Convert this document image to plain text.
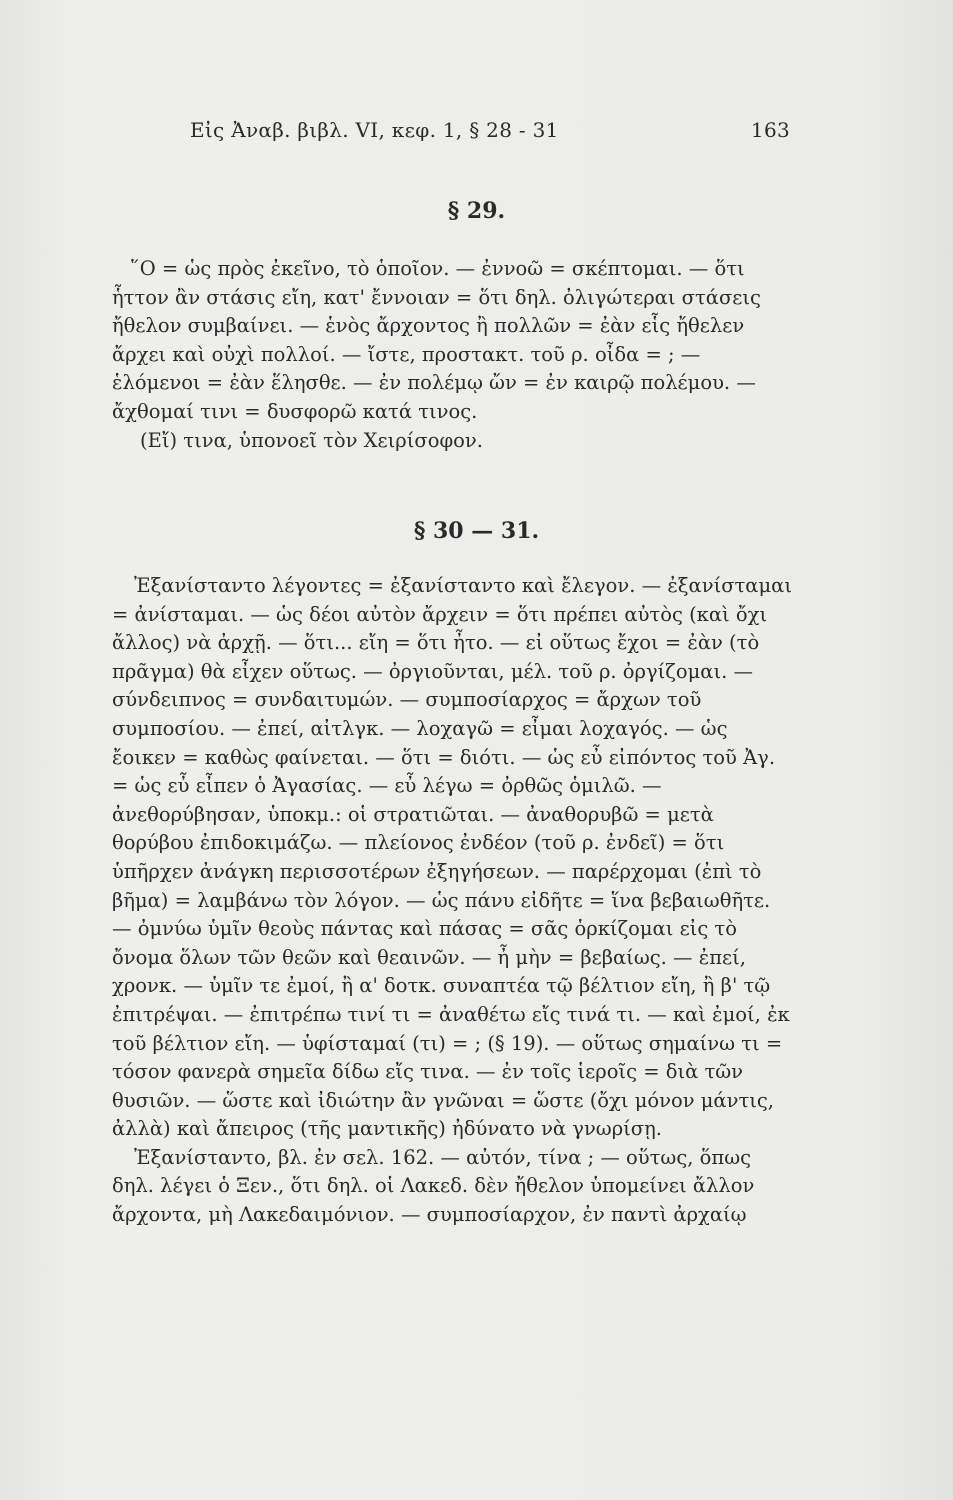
Εἰς Ἀναβ. βιβλ. VI, κεφ. 1, § 28 - 31	163
§ 29.

῞Ο = ὡς πρὸς ἐκεῖνο, τὸ ὁποῖον. — ἐννοῶ = σκέπτομαι. — ὅτι ἧττον ἂν στάσις εἴη, κατ' ἔννοιαν = ὅτι δηλ. ὀλιγώτεραι στάσεις ἤθελον συμβαίνει. — ἑνὸς ἄρχοντος ἢ πολλῶν = ἐὰν εἷς ἤθελεν ἄρχει καὶ οὐχὶ πολλοί. — ἴστε, προστακτ. τοῦ ρ. οἶδα = ; — ἑλόμενοι = ἐὰν ἕλησθε. — ἐν πολέμῳ ὤν = ἐν καιρῷ πολέμου. — ἄχθομαί τινι = δυσφορῶ κατά τινος.

(Εἴ) τινα, ὑπονοεῖ τὸν Χειρίσοφον.

§ 30 — 31.

Ἐξανίσταντο λέγοντες = ἐξανίσταντο καὶ ἔλεγον. — ἐξανίσταμαι = ἀνίσταμαι. — ὡς δέοι αὐτὸν ἄρχειν = ὅτι πρέπει αὐτὸς (καὶ ὄχι ἄλλος) νὰ ἀρχῇ. — ὅτι... εἴη = ὅτι ἦτο. — εἰ οὕτως ἔχοι = ἐὰν (τὸ πρᾶγμα) θὰ εἶχεν οὕτως. — ὀργιοῦνται, μέλ. τοῦ ρ. ὀργίζομαι. — σύνδειπνος = συνδαιτυμών. — συμποσίαρχος = ἄρχων τοῦ συμποσίου. — ἐπεί, αἰτλγκ. — λοχαγῶ = εἶμαι λοχαγός. — ὡς ἔοικεν = καθὼς φαίνεται. — ὅτι = διότι. — ὡς εὖ εἰπόντος τοῦ Ἀγ. = ὡς εὖ εἶπεν ὁ Ἀγασίας. — εὖ λέγω = ὀρθῶς ὁμιλῶ. — ἀνεθορύβησαν, ὑποκμ.: οἱ στρατιῶται. — ἀναθορυβῶ = μετὰ θορύβου ἐπιδοκιμάζω. — πλείονος ἐνδέον (τοῦ ρ. ἐνδεῖ) = ὅτι ὑπῆρχεν ἀνάγκη περισσοτέρων ἐξηγήσεων. — παρέρχομαι (ἐπὶ τὸ βῆμα) = λαμβάνω τὸν λόγον. — ὡς πάνυ εἰδῆτε = ἵνα βεβαιωθῆτε. — ὀμνύω ὑμῖν θεοὺς πάντας καὶ πάσας = σᾶς ὁρκίζομαι εἰς τὸ ὄνομα ὅλων τῶν θεῶν καὶ θεαινῶν. — ἦ μὴν = βεβαίως. — ἐπεί, χρονκ. — ὑμῖν τε ἐμοί, ἢ α' δοτκ. συναπτέα τῷ βέλτιον εἴη, ἢ β' τῷ ἐπιτρέψαι. — ἐπιτρέπω τινί τι = ἀναθέτω εἴς τινά τι. — καὶ ἐμοί, ἐκ τοῦ βέλτιον εἴη. — ὑφίσταμαί (τι) = ; (§ 19). — οὕτως σημαίνω τι = τόσον φανερὰ σημεῖα δίδω εἴς τινα. — ἐν τοῖς ἱεροῖς = διὰ τῶν θυσιῶν. — ὥστε καὶ ἰδιώτην ἂν γνῶναι = ὥστε (ὄχι μόνον μάντις, ἀλλὰ) καὶ ἄπειρος (τῆς μαντικῆς) ἠδύνατο νὰ γνωρίσῃ.

Ἐξανίσταντο, βλ. ἐν σελ. 162. — αὐτόν, τίνα ; — οὕτως, ὅπως δηλ. λέγει ὁ Ξεν., ὅτι δηλ. οἱ Λακεδ. δὲν ἤθελον ὑπομείνει ἄλλον ἄρχοντα, μὴ Λακεδαιμόνιον. — συμποσίαρχον, ἐν παντὶ ἀρχαίῳ
